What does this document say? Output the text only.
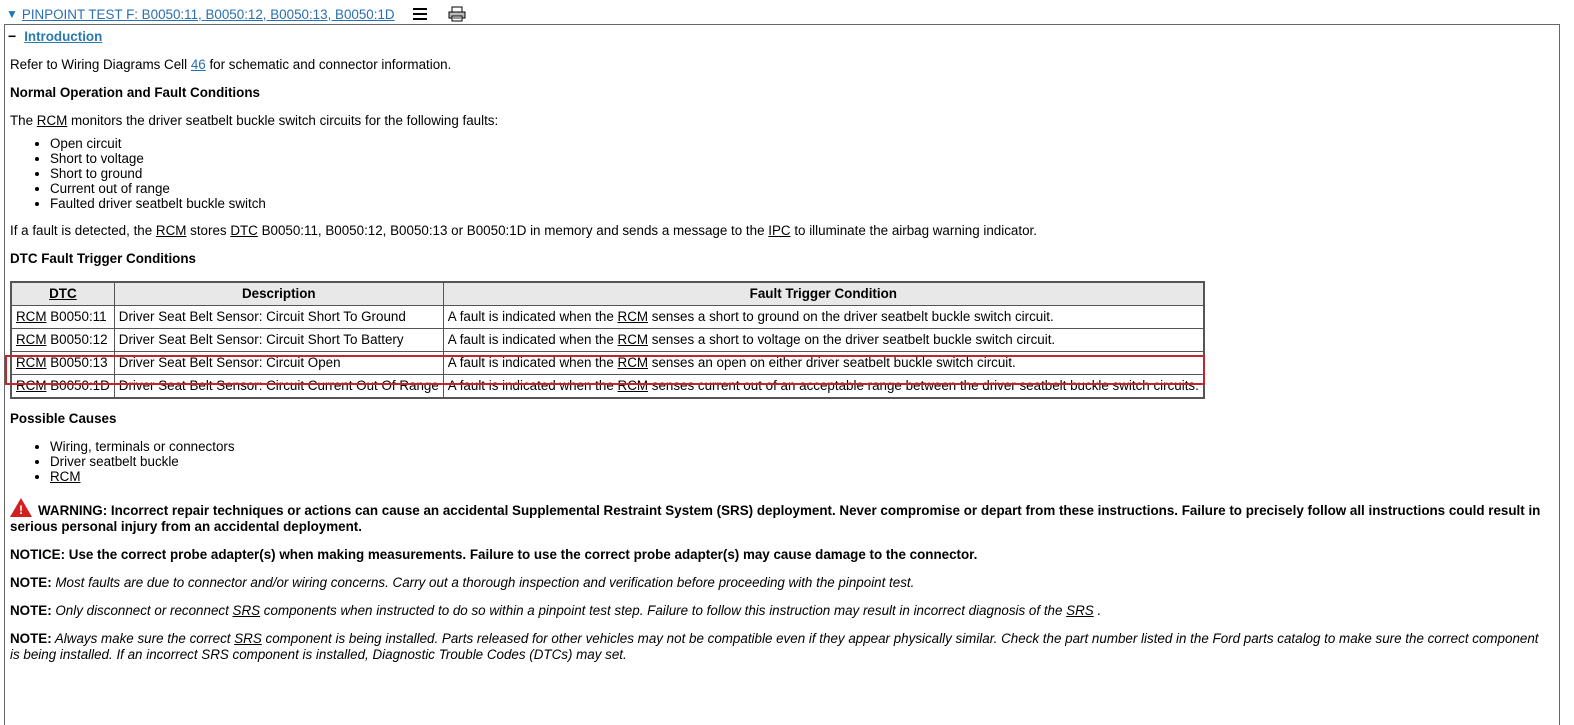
▼ PINPOINT TEST F: B0050:11, B0050:12, B0050:13, B0050:1D
− Introduction

Refer to Wiring Diagrams Cell 46 for schematic and connector information.

Normal Operation and Fault Conditions

The RCM monitors the driver seatbelt buckle switch circuits for the following faults:

• Open circuit
• Short to voltage
• Short to ground
• Current out of range
• Faulted driver seatbelt buckle switch

If a fault is detected, the RCM stores DTC B0050:11, B0050:12, B0050:13 or B0050:1D in memory and sends a message to the IPC to illuminate the airbag warning indicator.

DTC Fault Trigger Conditions

DTC	Description	Fault Trigger Condition
RCM B0050:11	Driver Seat Belt Sensor: Circuit Short To Ground	A fault is indicated when the RCM senses a short to ground on the driver seatbelt buckle switch circuit.
RCM B0050:12	Driver Seat Belt Sensor: Circuit Short To Battery	A fault is indicated when the RCM senses a short to voltage on the driver seatbelt buckle switch circuit.
RCM B0050:13	Driver Seat Belt Sensor: Circuit Open	A fault is indicated when the RCM senses an open on either driver seatbelt buckle switch circuit.
RCM B0050:1D	Driver Seat Belt Sensor: Circuit Current Out Of Range	A fault is indicated when the RCM senses current out of an acceptable range between the driver seatbelt buckle switch circuits.

Possible Causes

• Wiring, terminals or connectors
• Driver seatbelt buckle
• RCM

! WARNING: Incorrect repair techniques or actions can cause an accidental Supplemental Restraint System (SRS) deployment. Never compromise or depart from these instructions. Failure to precisely follow all instructions could result in serious personal injury from an accidental deployment.

NOTICE: Use the correct probe adapter(s) when making measurements. Failure to use the correct probe adapter(s) may cause damage to the connector.

NOTE: Most faults are due to connector and/or wiring concerns. Carry out a thorough inspection and verification before proceeding with the pinpoint test.

NOTE: Only disconnect or reconnect SRS components when instructed to do so within a pinpoint test step. Failure to follow this instruction may result in incorrect diagnosis of the SRS .

NOTE: Always make sure the correct SRS component is being installed. Parts released for other vehicles may not be compatible even if they appear physically similar. Check the part number listed in the Ford parts catalog to make sure the correct component is being installed. If an incorrect SRS component is installed, Diagnostic Trouble Codes (DTCs) may set.
